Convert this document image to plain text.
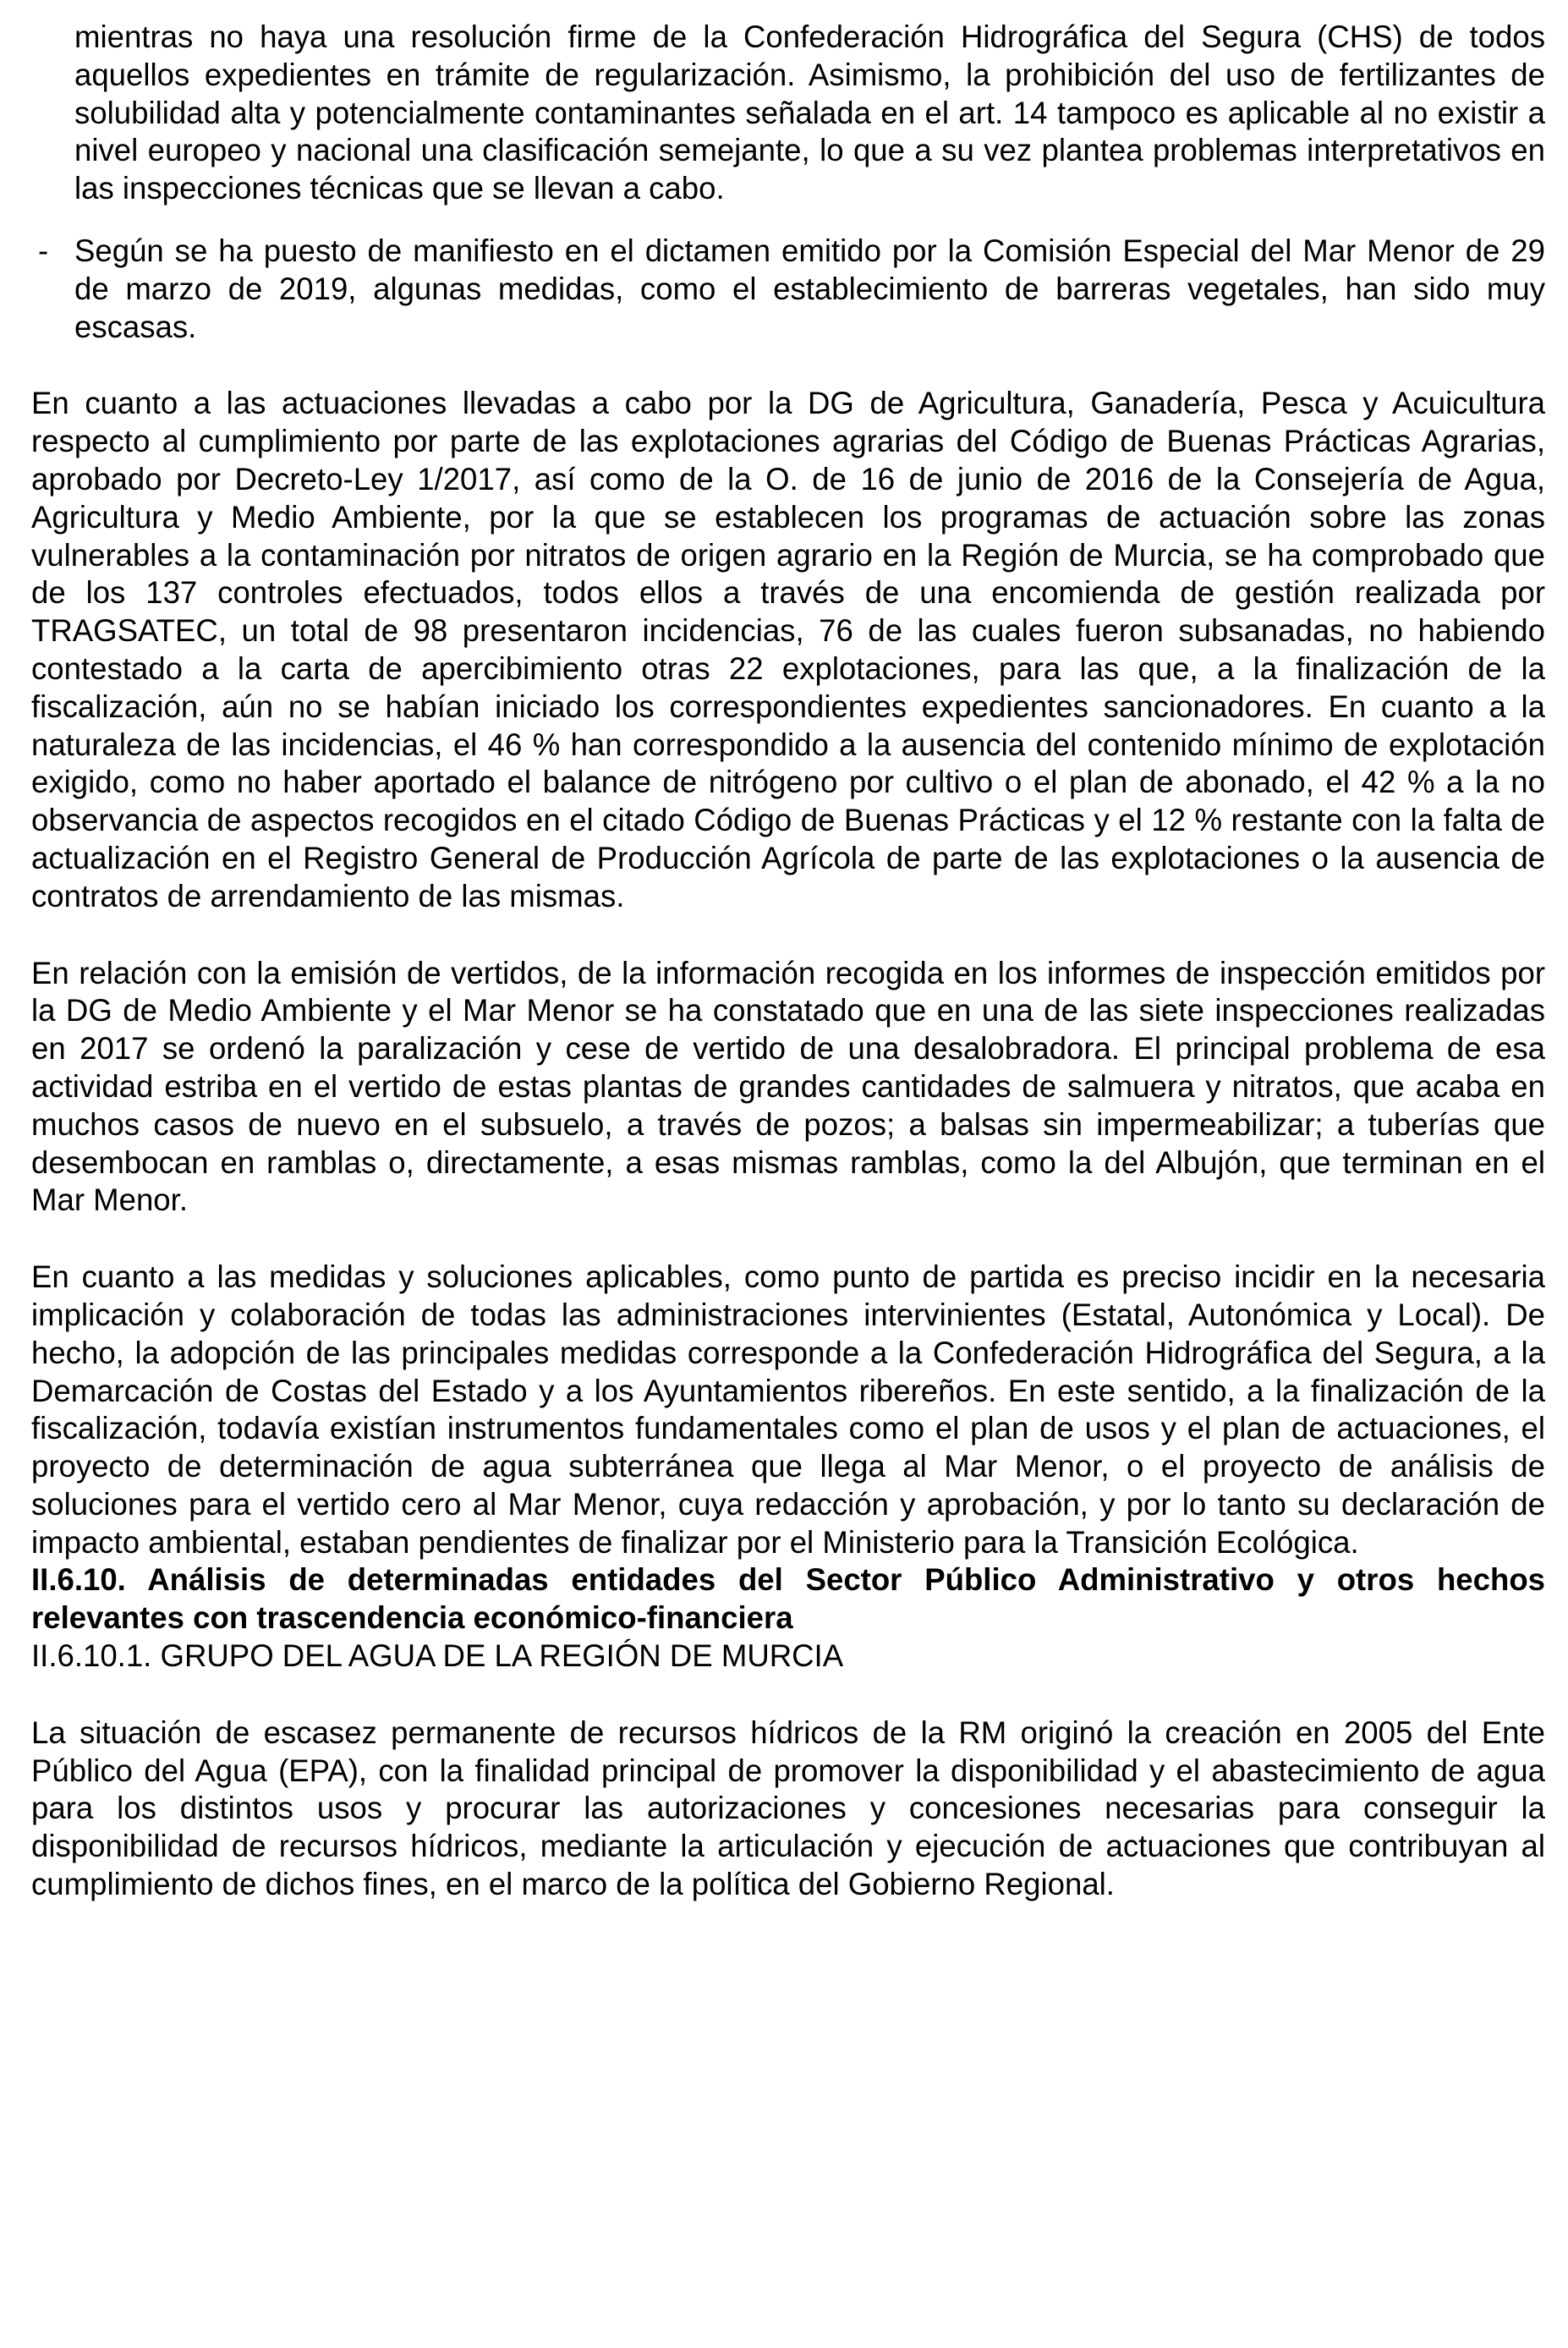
mientras no haya una resolución firme de la Confederación Hidrográfica del Segura (CHS) de todos aquellos expedientes en trámite de regularización. Asimismo, la prohibición del uso de fertilizantes de solubilidad alta y potencialmente contaminantes señalada en el art. 14 tampoco es aplicable al no existir a nivel europeo y nacional una clasificación semejante, lo que a su vez plantea problemas interpretativos en las inspecciones técnicas que se llevan a cabo.

- Según se ha puesto de manifiesto en el dictamen emitido por la Comisión Especial del Mar Menor de 29 de marzo de 2019, algunas medidas, como el establecimiento de barreras vegetales, han sido muy escasas.

En cuanto a las actuaciones llevadas a cabo por la DG de Agricultura, Ganadería, Pesca y Acuicultura respecto al cumplimiento por parte de las explotaciones agrarias del Código de Buenas Prácticas Agrarias, aprobado por Decreto-Ley 1/2017, así como de la O. de 16 de junio de 2016 de la Consejería de Agua, Agricultura y Medio Ambiente, por la que se establecen los programas de actuación sobre las zonas vulnerables a la contaminación por nitratos de origen agrario en la Región de Murcia, se ha comprobado que de los 137 controles efectuados, todos ellos a través de una encomienda de gestión realizada por TRAGSATEC, un total de 98 presentaron incidencias, 76 de las cuales fueron subsanadas, no habiendo contestado a la carta de apercibimiento otras 22 explotaciones, para las que, a la finalización de la fiscalización, aún no se habían iniciado los correspondientes expedientes sancionadores. En cuanto a la naturaleza de las incidencias, el 46 % han correspondido a la ausencia del contenido mínimo de explotación exigido, como no haber aportado el balance de nitrógeno por cultivo o el plan de abonado, el 42 % a la no observancia de aspectos recogidos en el citado Código de Buenas Prácticas y el 12 % restante con la falta de actualización en el Registro General de Producción Agrícola de parte de las explotaciones o la ausencia de contratos de arrendamiento de las mismas.

En relación con la emisión de vertidos, de la información recogida en los informes de inspección emitidos por la DG de Medio Ambiente y el Mar Menor se ha constatado que en una de las siete inspecciones realizadas en 2017 se ordenó la paralización y cese de vertido de una desalobradora. El principal problema de esa actividad estriba en el vertido de estas plantas de grandes cantidades de salmuera y nitratos, que acaba en muchos casos de nuevo en el subsuelo, a través de pozos; a balsas sin impermeabilizar; a tuberías que desembocan en ramblas o, directamente, a esas mismas ramblas, como la del Albujón, que terminan en el Mar Menor.

En cuanto a las medidas y soluciones aplicables, como punto de partida es preciso incidir en la necesaria implicación y colaboración de todas las administraciones intervinientes (Estatal, Autonómica y Local). De hecho, la adopción de las principales medidas corresponde a la Confederación Hidrográfica del Segura, a la Demarcación de Costas del Estado y a los Ayuntamientos ribereños. En este sentido, a la finalización de la fiscalización, todavía existían instrumentos fundamentales como el plan de usos y el plan de actuaciones, el proyecto de determinación de agua subterránea que llega al Mar Menor, o el proyecto de análisis de soluciones para el vertido cero al Mar Menor, cuya redacción y aprobación, y por lo tanto su declaración de impacto ambiental, estaban pendientes de finalizar por el Ministerio para la Transición Ecológica.

II.6.10. Análisis de determinadas entidades del Sector Público Administrativo y otros hechos relevantes con trascendencia económico-financiera

II.6.10.1. GRUPO DEL AGUA DE LA REGIÓN DE MURCIA

La situación de escasez permanente de recursos hídricos de la RM originó la creación en 2005 del Ente Público del Agua (EPA), con la finalidad principal de promover la disponibilidad y el abastecimiento de agua para los distintos usos y procurar las autorizaciones y concesiones necesarias para conseguir la disponibilidad de recursos hídricos, mediante la articulación y ejecución de actuaciones que contribuyan al cumplimiento de dichos fines, en el marco de la política del Gobierno Regional.
